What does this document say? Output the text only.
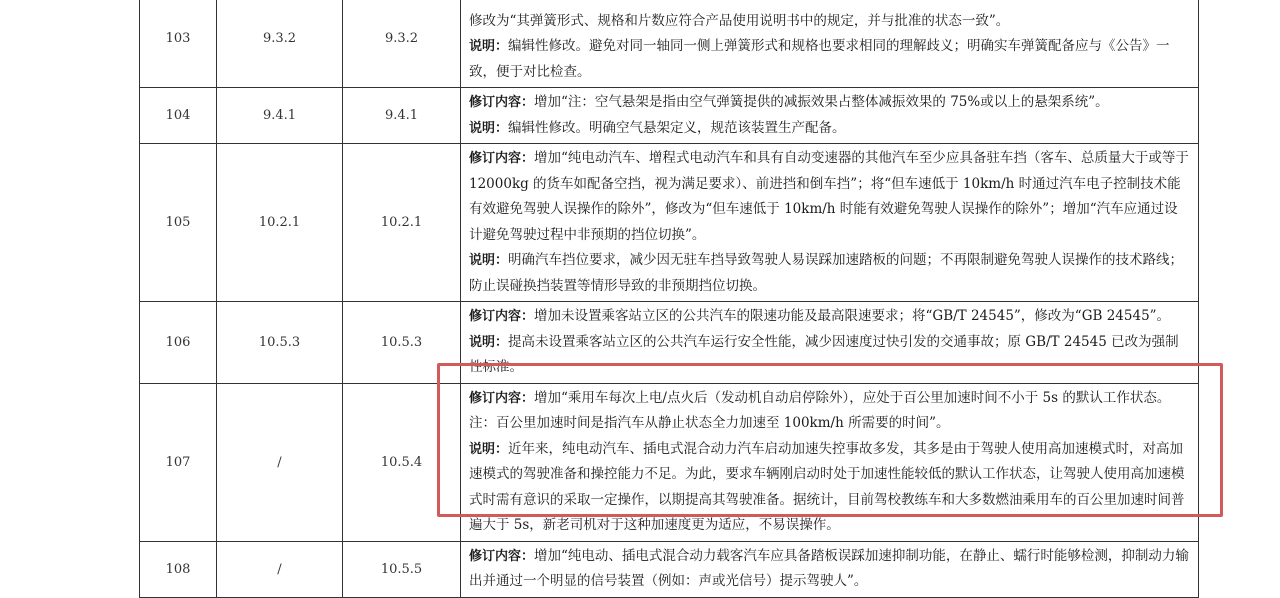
103	9.3.2	9.3.2	修改为“其弹簧形式、规格和片数应符合产品使用说明书中的规定，并与批准的状态一致”。

说明：编辑性修改。避免对同一轴同一侧上弹簧形式和规格也要求相同的理解歧义；明确实车弹簧配备应与《公告》一致，便于对比检查。

104	9.4.1	9.4.1	修订内容：增加“注：空气悬架是指由空气弹簧提供的减振效果占整体减振效果的 75%或以上的悬架系统”。

说明：编辑性修改。明确空气悬架定义，规范该装置生产配备。

105	10.2.1	10.2.1	修订内容：增加“纯电动汽车、增程式电动汽车和具有自动变速器的其他汽车至少应具备驻车挡（客车、总质量大于或等于 12000kg 的货车如配备空挡，视为满足要求）、前进挡和倒车挡”；将“但车速低于 10km/h 时通过汽车电子控制技术能有效避免驾驶人误操作的除外”，修改为“但车速低于 10km/h 时能有效避免驾驶人误操作的除外”；增加“汽车应通过设计避免驾驶过程中非预期的挡位切换”。

说明：明确汽车挡位要求，减少因无驻车挡导致驾驶人易误踩加速踏板的问题；不再限制避免驾驶人误操作的技术路线；防止误碰换挡装置等情形导致的非预期挡位切换。

106	10.5.3	10.5.3	修订内容：增加未设置乘客站立区的公共汽车的限速功能及最高限速要求；将“GB/T 24545”，修改为“GB 24545”。

说明：提高未设置乘客站立区的公共汽车运行安全性能，减少因速度过快引发的交通事故；原 GB/T 24545 已改为强制性标准。

107	/	10.5.4	修订内容：增加“乘用车每次上电/点火后（发动机自动启停除外），应处于百公里加速时间不小于 5s 的默认工作状态。注：百公里加速时间是指汽车从静止状态全力加速至 100km/h 所需要的时间”。

说明：近年来，纯电动汽车、插电式混合动力汽车启动加速失控事故多发，其多是由于驾驶人使用高加速模式时，对高加速模式的驾驶准备和操控能力不足。为此，要求车辆刚启动时处于加速性能较低的默认工作状态，让驾驶人使用高加速模式时需有意识的采取一定操作，以期提高其驾驶准备。据统计，目前驾校教练车和大多数燃油乘用车的百公里加速时间普遍大于 5s，新老司机对于这种加速度更为适应，不易误操作。

108	/	10.5.5	修订内容：增加“纯电动、插电式混合动力载客汽车应具备踏板误踩加速抑制功能，在静止、蠕行时能够检测，抑制动力输出并通过一个明显的信号装置（例如：声或光信号）提示驾驶人”。
